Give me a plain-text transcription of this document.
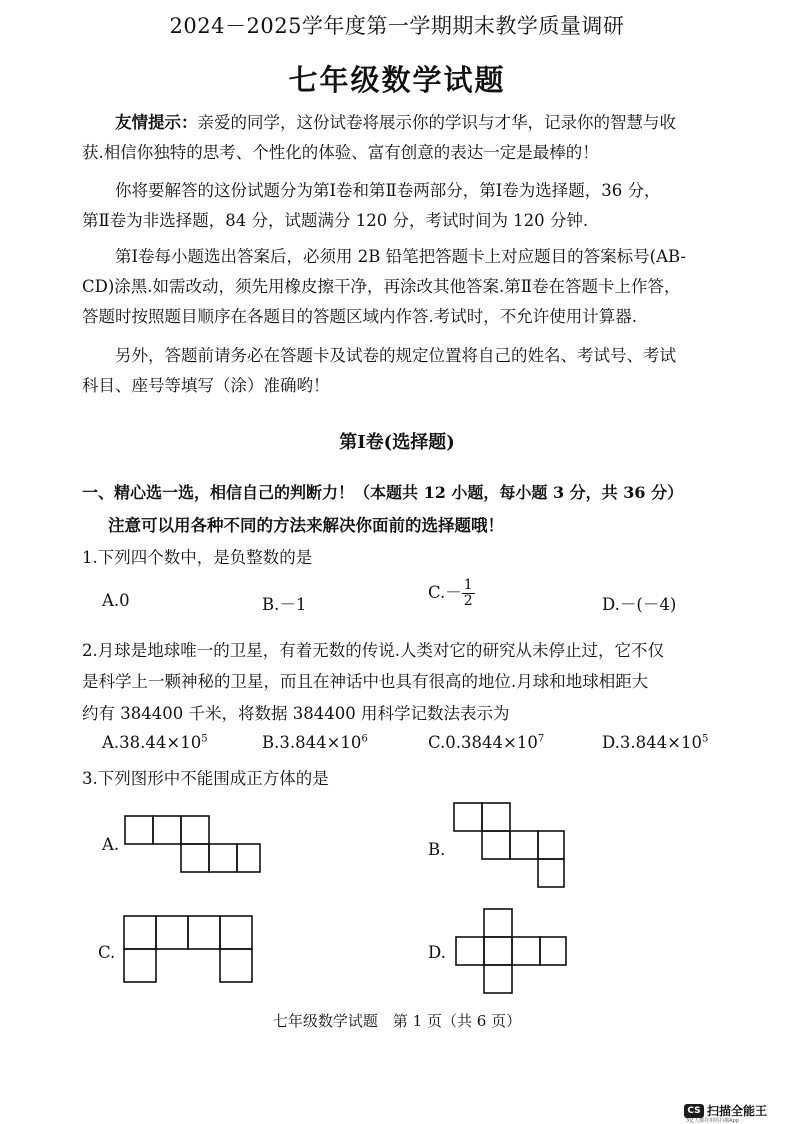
2024－2025学年度第一学期期末教学质量调研
七年级数学试题
友情提示：亲爱的同学，这份试卷将展示你的学识与才华，记录你的智慧与收
获.相信你独特的思考、个性化的体验、富有创意的表达一定是最棒的！
你将要解答的这份试题分为第Ⅰ卷和第Ⅱ卷两部分，第Ⅰ卷为选择题，36 分，
第Ⅱ卷为非选择题，84 分，试题满分 120 分，考试时间为 120 分钟.
第Ⅰ卷每小题选出答案后，必须用 2B 铅笔把答题卡上对应题目的答案标号(AB-
CD)涂黑.如需改动，须先用橡皮擦干净，再涂改其他答案.第Ⅱ卷在答题卡上作答，
答题时按照题目顺序在各题目的答题区域内作答.考试时，不允许使用计算器.
另外，答题前请务必在答题卡及试卷的规定位置将自己的姓名、考试号、考试
科目、座号等填写（涂）准确哟！
第Ⅰ卷(选择题)
一、精心选一选，相信自己的判断力！（本题共 12 小题，每小题 3 分，共 36 分）
注意可以用各种不同的方法来解决你面前的选择题哦！
1.下列四个数中，是负整数的是
A.0	B.－1
$C.- \frac{1}{2}$	D.－(－4)
2.月球是地球唯一的卫星，有着无数的传说.人类对它的研究从未停止过，它不仅
是科学上一颗神秘的卫星，而且在神话中也具有很高的地位.月球和地球相距大
约有 384400 千米，将数据 384400 用科学记数法表示为
$A.38.44\times 10^5$	$B.3.844\times 10^6$	$C.0.3844\times 10^7$	$D.3.844\times 10^5$
3.下列图形中不能围成正方体的是
A.	B.
C.	D.
七年级数学试题　第 1 页（共 6 页）
CS 扫描全能王
3亿人都在用的扫描App
